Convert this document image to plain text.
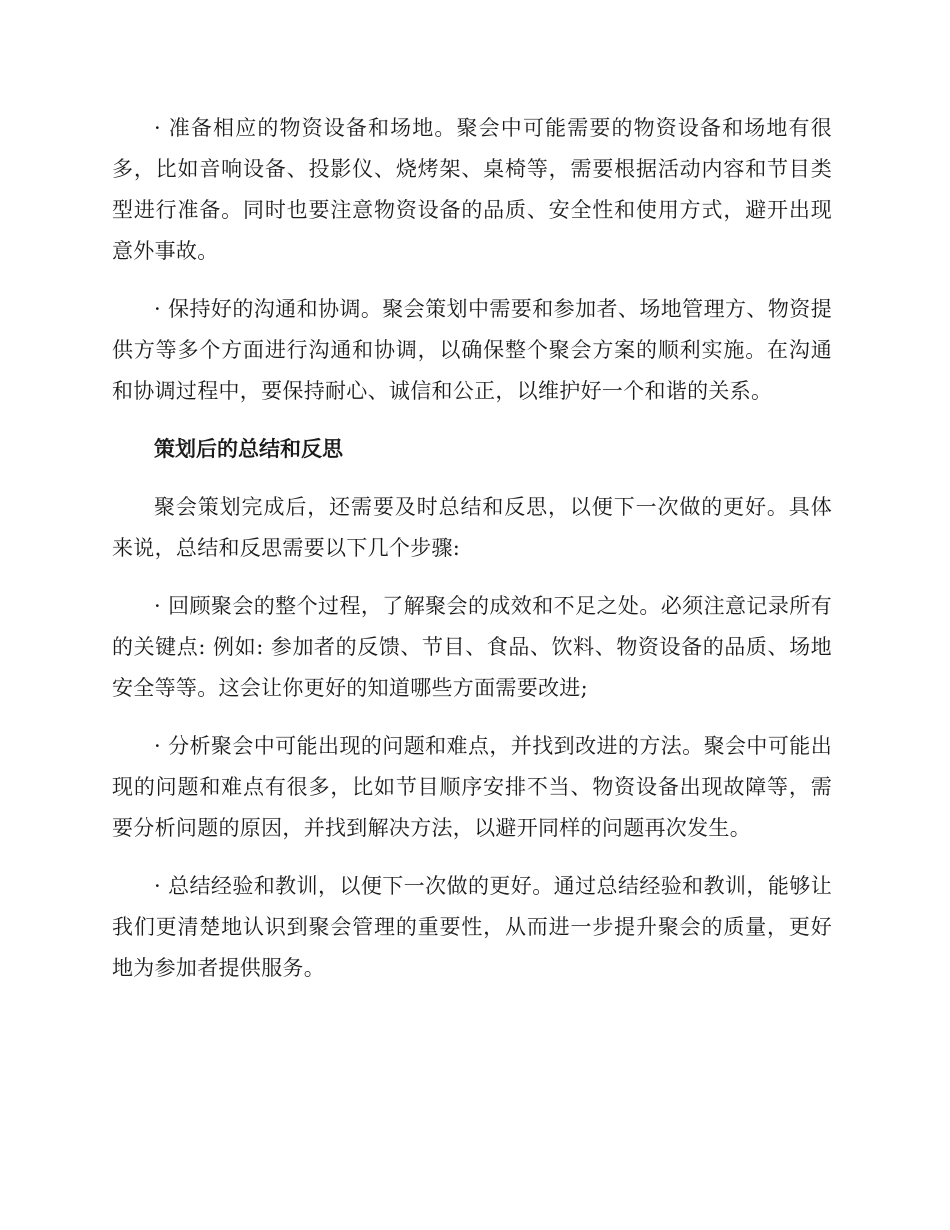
· 准备相应的物资设备和场地。聚会中可能需要的物资设备和场地有很多，比如音响设备、投影仪、烧烤架、桌椅等，需要根据活动内容和节目类型进行准备。同时也要注意物资设备的品质、安全性和使用方式，避开出现意外事故。

· 保持好的沟通和协调。聚会策划中需要和参加者、场地管理方、物资提供方等多个方面进行沟通和协调，以确保整个聚会方案的顺利实施。在沟通和协调过程中，要保持耐心、诚信和公正，以维护好一个和谐的关系。

策划后的总结和反思

聚会策划完成后，还需要及时总结和反思，以便下一次做的更好。具体来说，总结和反思需要以下几个步骤:

· 回顾聚会的整个过程，了解聚会的成效和不足之处。必须注意记录所有的关键点: 例如: 参加者的反馈、节目、食品、饮料、物资设备的品质、场地安全等等。这会让你更好的知道哪些方面需要改进;

· 分析聚会中可能出现的问题和难点，并找到改进的方法。聚会中可能出现的问题和难点有很多，比如节目顺序安排不当、物资设备出现故障等，需要分析问题的原因，并找到解决方法，以避开同样的问题再次发生。

· 总结经验和教训，以便下一次做的更好。通过总结经验和教训，能够让我们更清楚地认识到聚会管理的重要性，从而进一步提升聚会的质量，更好地为参加者提供服务。
